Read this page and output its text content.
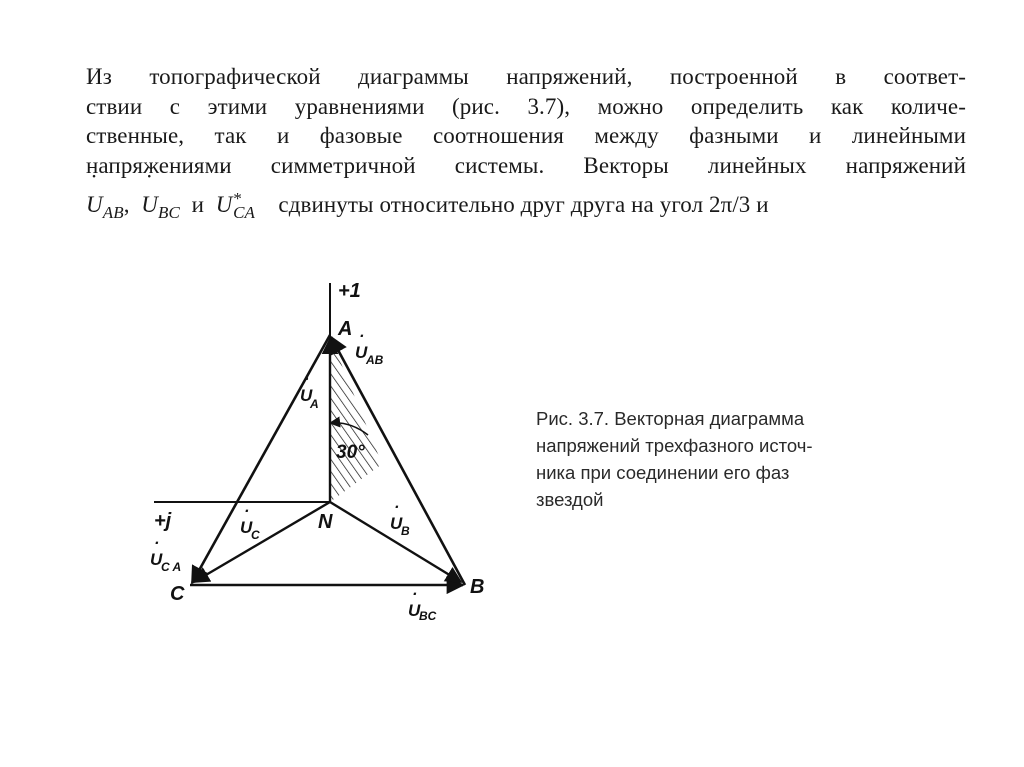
Из топографической диаграммы напряжений, построенной в соответ-
ствии с этими уравнениями (рис. 3.7), можно определить как количе-
ственные, так и фазовые соотношения между фазными и линейными
напряжениями симметричной системы. Векторы линейных напряжений
˙ $U_{AB}$, ˙ $U_{BC}$ и ˙ $U^*_{CA}$ сдвинуты относительно друг друга на угол 2π/3 и
+1
+j
A
B
C
N
U
·
AB
U
·
A
U
·
B
U
·
C
U
·
C A
U
·
BC
30°
Рис. 3.7. Векторная диаграмма
напряжений трехфазного источ-
ника при соединении его фаз
звездой
